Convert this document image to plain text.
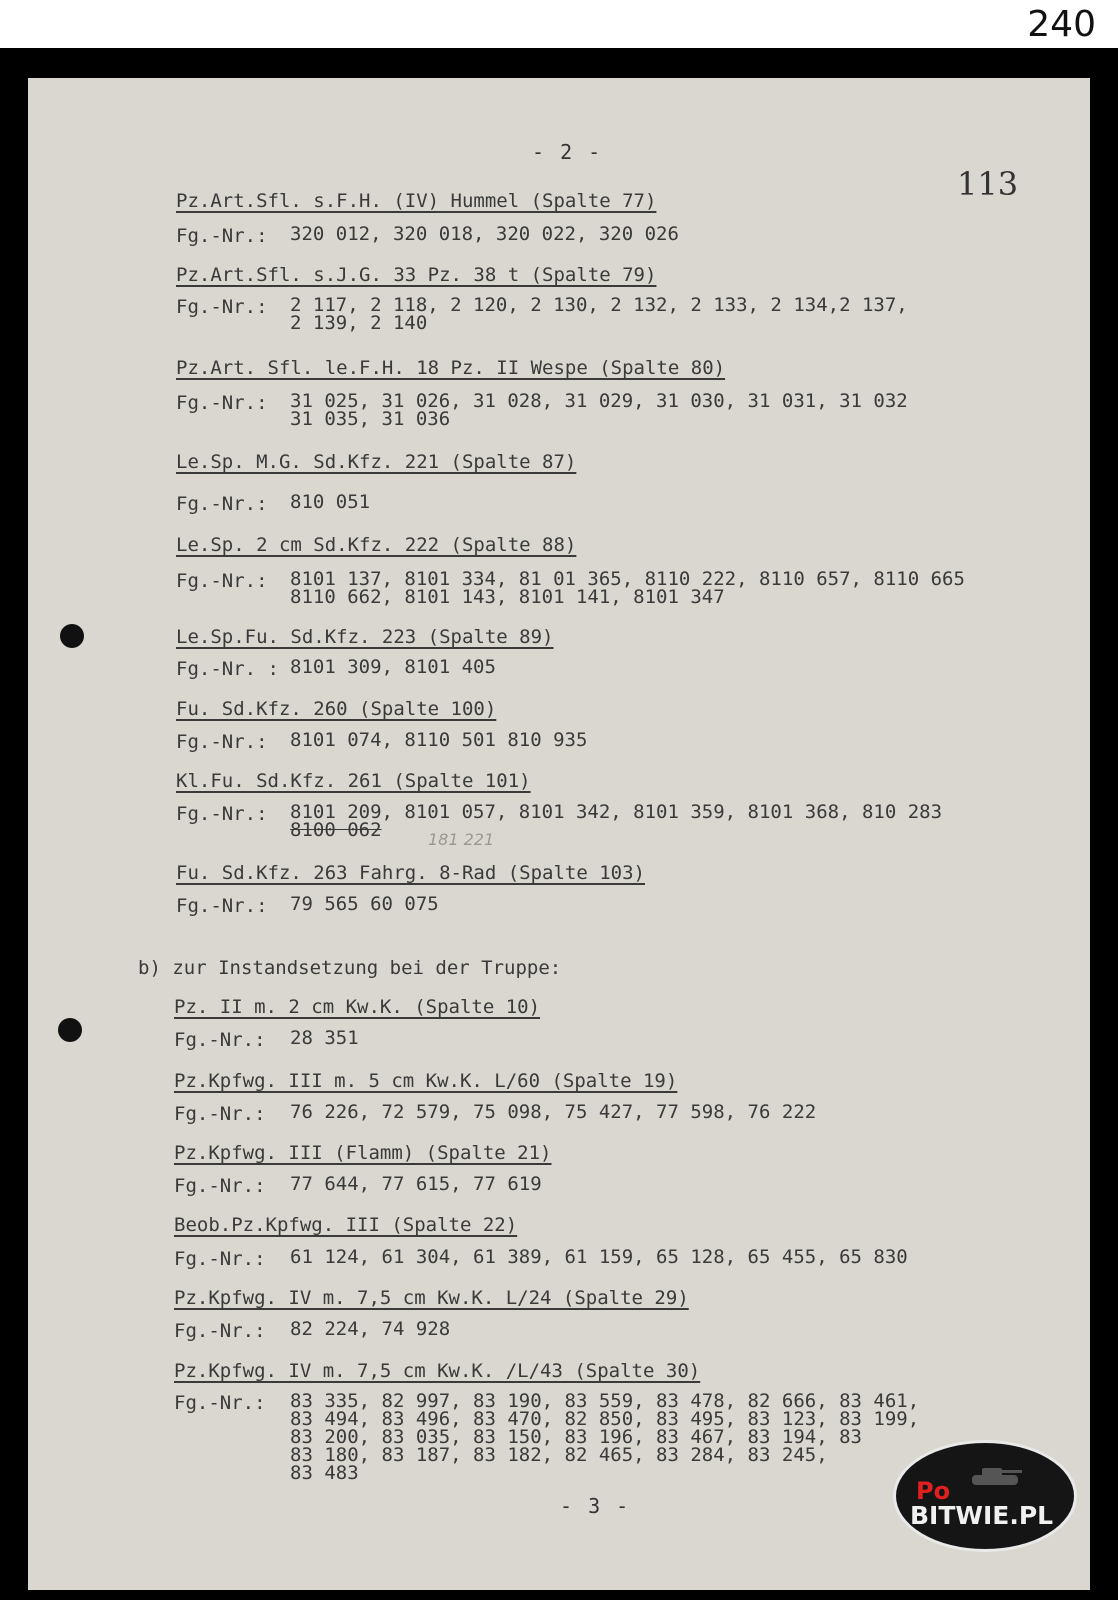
240
- 2 -
113
Pz.Art.Sfl. s.F.H. (IV) Hummel (Spalte 77)
Fg.-Nr.: 320 012, 320 018, 320 022, 320 026
Pz.Art.Sfl. s.J.G. 33 Pz. 38 t (Spalte 79)
Fg.-Nr.: 2 117, 2 118, 2 120, 2 130, 2 132, 2 133, 2 134,2 137,
2 139, 2 140
Pz.Art. Sfl. le.F.H. 18 Pz. II Wespe (Spalte 80)
Fg.-Nr.: 31 025, 31 026, 31 028, 31 029, 31 030, 31 031, 31 032
31 035, 31 036
Le.Sp. M.G. Sd.Kfz. 221 (Spalte 87)
Fg.-Nr.: 810 051
Le.Sp. 2 cm Sd.Kfz. 222 (Spalte 88)
Fg.-Nr.: 8101 137, 8101 334, 81 01 365, 8110 222, 8110 657, 8110 665
8110 662, 8101 143, 8101 141, 8101 347
Le.Sp.Fu. Sd.Kfz. 223 (Spalte 89)
Fg.-Nr. : 8101 309, 8101 405
Fu. Sd.Kfz. 260 (Spalte 100)
Fg.-Nr.: 8101 074, 8110 501 810 935
Kl.Fu. Sd.Kfz. 261 (Spalte 101)
Fg.-Nr.: 8101 209, 8101 057, 8101 342, 8101 359, 8101 368, 810 283
8100 062
Fu. Sd.Kfz. 263 Fahrg. 8-Rad (Spalte 103)
Fg.-Nr.: 79 565 60 075
Pz. II m. 2 cm Kw.K. (Spalte 10)
Fg.-Nr.: 28 351
Pz.Kpfwg. III m. 5 cm Kw.K. L/60 (Spalte 19)
Fg.-Nr.: 76 226, 72 579, 75 098, 75 427, 77 598, 76 222
Pz.Kpfwg. III (Flamm) (Spalte 21)
Fg.-Nr.: 77 644, 77 615, 77 619
Beob.Pz.Kpfwg. III (Spalte 22)
Fg.-Nr.: 61 124, 61 304, 61 389, 61 159, 65 128, 65 455, 65 830
Pz.Kpfwg. IV m. 7,5 cm Kw.K. L/24 (Spalte 29)
Fg.-Nr.: 82 224, 74 928
Pz.Kpfwg. IV m. 7,5 cm Kw.K. /L/43 (Spalte 30)
Fg.-Nr.: 83 335, 82 997, 83 190, 83 559, 83 478, 82 666, 83 461,
83 494, 83 496, 83 470, 82 850, 83 495, 83 123, 83 199,
83 200, 83 035, 83 150, 83 196, 83 467, 83 194, 83
83 180, 83 187, 83 182, 82 465, 83 284, 83 245,
83 483
b) zur Instandsetzung bei der Truppe:
181 221
- 3 -
Po
BITWIE.PL
